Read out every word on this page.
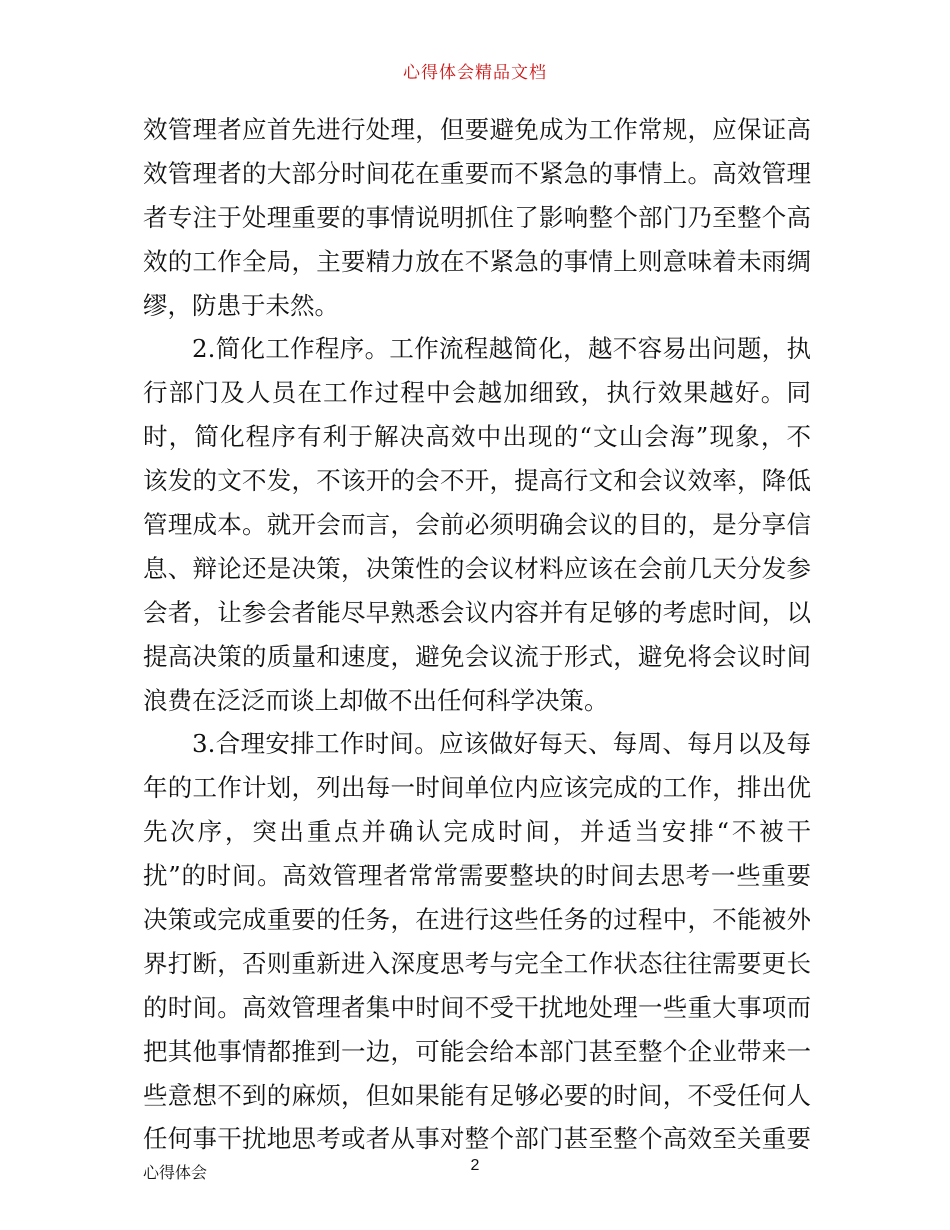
心得体会精品文档
效管理者应首先进行处理，但要避免成为工作常规，应保证高
效管理者的大部分时间花在重要而不紧急的事情上。高效管理
者专注于处理重要的事情说明抓住了影响整个部门乃至整个高
效的工作全局，主要精力放在不紧急的事情上则意味着未雨绸
缪，防患于未然。
2.简化工作程序。工作流程越简化，越不容易出问题，执
行部门及人员在工作过程中会越加细致，执行效果越好。同
时，简化程序有利于解决高效中出现的“文山会海”现象，不
该发的文不发，不该开的会不开，提高行文和会议效率，降低
管理成本。就开会而言，会前必须明确会议的目的，是分享信
息、辩论还是决策，决策性的会议材料应该在会前几天分发参
会者，让参会者能尽早熟悉会议内容并有足够的考虑时间，以
提高决策的质量和速度，避免会议流于形式，避免将会议时间
浪费在泛泛而谈上却做不出任何科学决策。
3.合理安排工作时间。应该做好每天、每周、每月以及每
年的工作计划，列出每一时间单位内应该完成的工作，排出优
先次序，突出重点并确认完成时间，并适当安排“不被干
扰”的时间。高效管理者常常需要整块的时间去思考一些重要
决策或完成重要的任务，在进行这些任务的过程中，不能被外
界打断，否则重新进入深度思考与完全工作状态往往需要更长
的时间。高效管理者集中时间不受干扰地处理一些重大事项而
把其他事情都推到一边，可能会给本部门甚至整个企业带来一
些意想不到的麻烦，但如果能有足够必要的时间，不受任何人
任何事干扰地思考或者从事对整个部门甚至整个高效至关重要
心得体会	2
